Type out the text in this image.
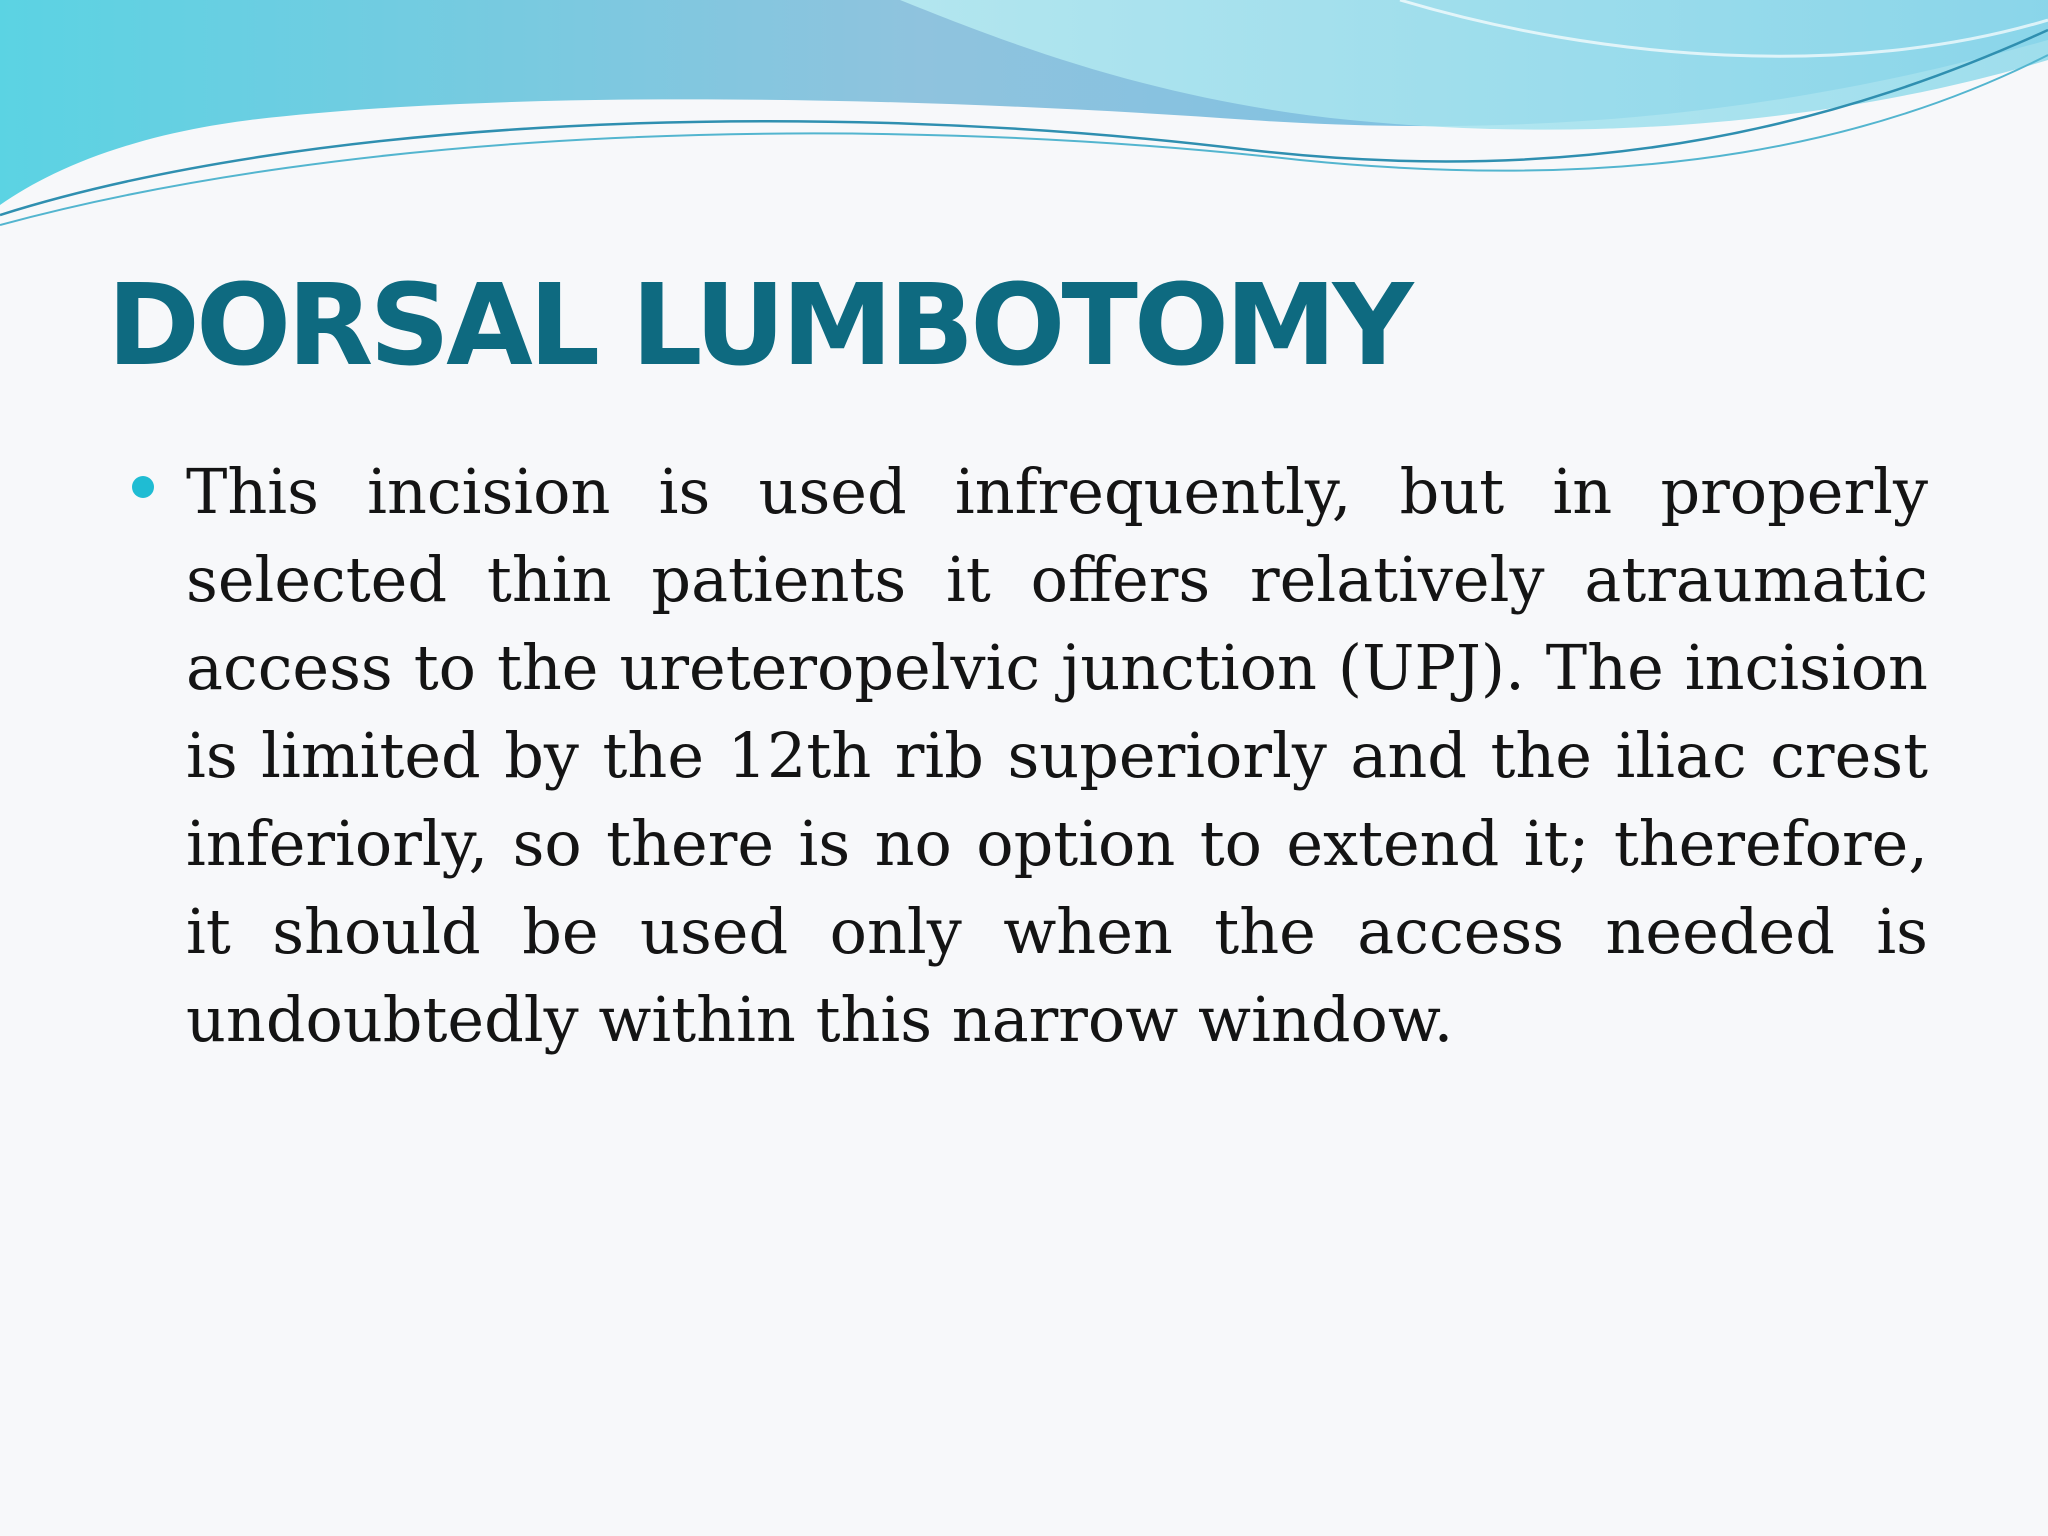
DORSAL LUMBOTOMY
This incision is used infrequently, but in properly selected thin patients it offers relatively atraumatic access to the ureteropelvic junction (UPJ). The incision is limited by the 12th rib superiorly and the iliac crest inferiorly, so there is no option to extend it; therefore, it should be used only when the access needed is undoubtedly within this narrow window.
